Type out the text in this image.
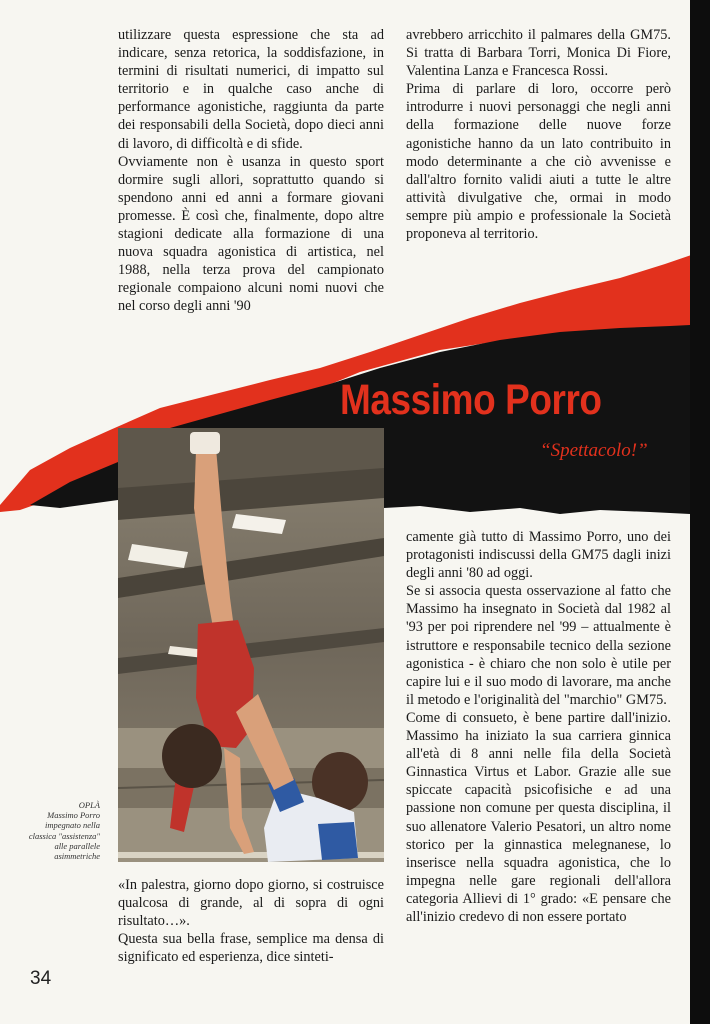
utilizzare questa espressione che sta ad indicare, senza retorica, la soddisfazione, in termini di risultati numerici, di impatto sul territorio e in qualche caso anche di performance agonistiche, raggiunta da parte dei responsabili della Società, dopo dieci anni di lavoro, di difficoltà e di sfide.

Ovviamente non è usanza in questo sport dormire sugli allori, soprattutto quando si spendono anni ed anni a formare giovani promesse. È così che, finalmente, dopo altre stagioni dedicate alla formazione di una nuova squadra agonistica di artistica, nel 1988, nella terza prova del campionato regionale compaiono alcuni nomi nuovi che nel corso degli anni '90

avrebbero arricchito il palmares della GM75. Si tratta di Barbara Torri, Monica Di Fiore, Valentina Lanza e Francesca Rossi.

Prima di parlare di loro, occorre però introdurre i nuovi personaggi che negli anni della formazione delle nuove forze agonistiche hanno da un lato contribuito in modo determinante a che ciò avvenisse e dall'altro fornito validi aiuti a tutte le altre attività divulgative che, ormai in modo sempre più ampio e professionale la Società proponeva al territorio.

Massimo Porro
“Spettacolo!”

camente già tutto di Massimo Porro, uno dei protagonisti indiscussi della GM75 dagli inizi degli anni '80 ad oggi.

Se si associa questa osservazione al fatto che Massimo ha insegnato in Società dal 1982 al '93 per poi riprendere nel '99 – attualmente è istruttore e responsabile tecnico della sezione agonistica - è chiaro che non solo è utile per capire lui e il suo modo di lavorare, ma anche il metodo e l'originalità del "marchio" GM75.

Come di consueto, è bene partire dall'inizio. Massimo ha iniziato la sua carriera ginnica all'età di 8 anni nelle fila della Società Ginnastica Virtus et Labor. Grazie alle sue spiccate capacità psicofisiche e ad una passione non comune per questa disciplina, il suo allenatore Valerio Pesatori, un altro nome storico per la ginnastica melegnanese, lo inserisce nella squadra agonistica, che lo impegna nelle gare regionali dell'allora categoria Allievi di 1° grado: «E pensare che all'inizio credevo di non essere portato

«In palestra, giorno dopo giorno, si costruisce qualcosa di grande, al di sopra di ogni risultato…».

Questa sua bella frase, semplice ma densa di significato ed esperienza, dice sinteti-

OPLÀ
Massimo Porro
impegnato nella
classica "assistenza"
alle parallele
asimmetriche
34
